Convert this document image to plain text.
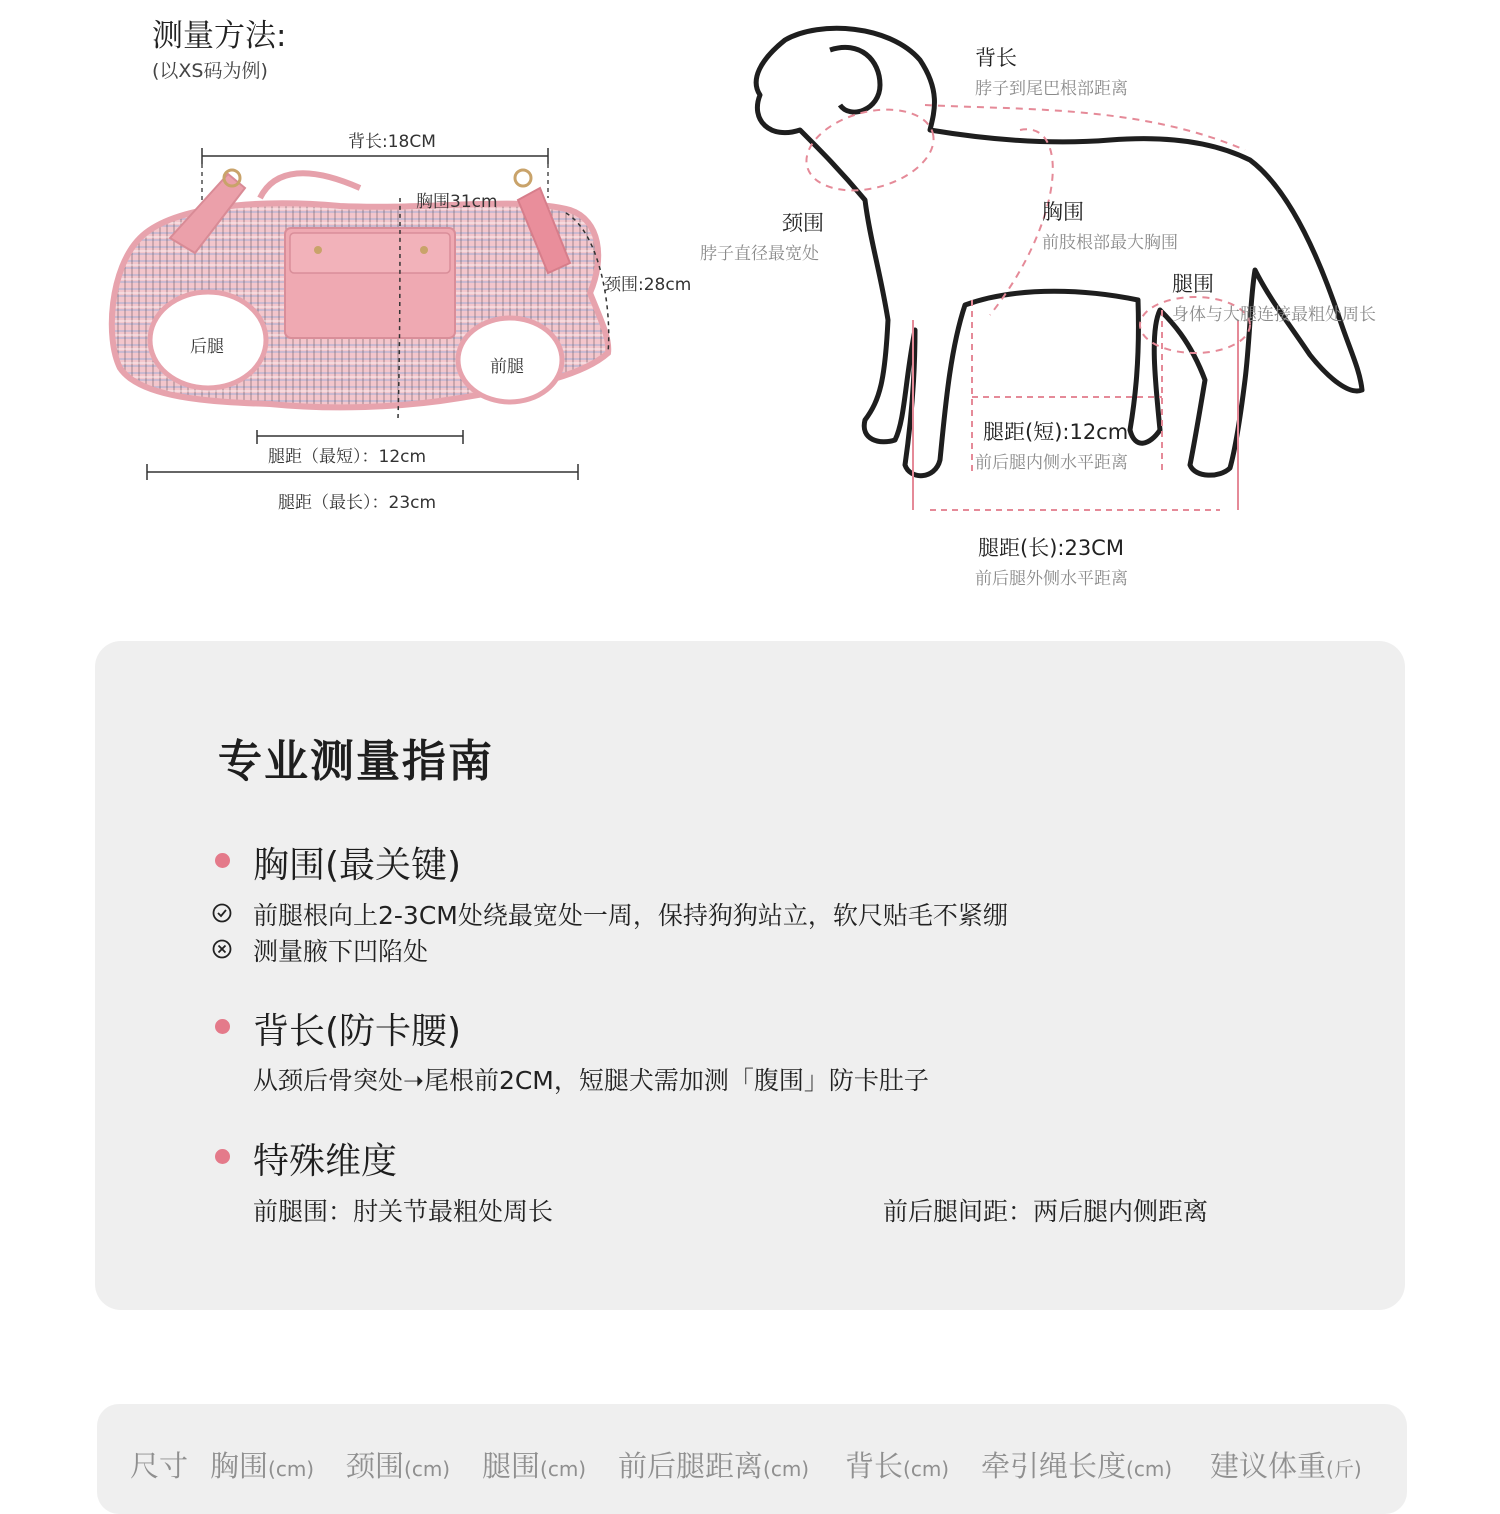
测量方法:
(以XS码为例)
背长:18CM
胸围31cm
颈围:28cm
后腿
前腿
腿距（最短）：12cm
腿距（最长）：23cm
背长
脖子到尾巴根部距离
颈围
脖子直径最宽处
胸围
前肢根部最大胸围
腿围
身体与大腿连接最粗处周长
腿距(短):12cm
前后腿内侧水平距离
腿距(长):23CM
前后腿外侧水平距离
专业测量指南
胸围(最关键)
前腿根向上2-3CM处绕最宽处一周，保持狗狗站立，软尺贴毛不紧绷
测量腋下凹陷处
背长(防卡腰)
从颈后骨突处➝尾根前2CM，短腿犬需加测「腹围」防卡肚子
特殊维度
前腿围：肘关节最粗处周长	前后腿间距：两后腿内侧距离
尺寸 胸围(cm) 颈围(cm) 腿围(cm) 前后腿距离(cm) 背长(cm) 牵引绳长度(cm) 建议体重(斤)
